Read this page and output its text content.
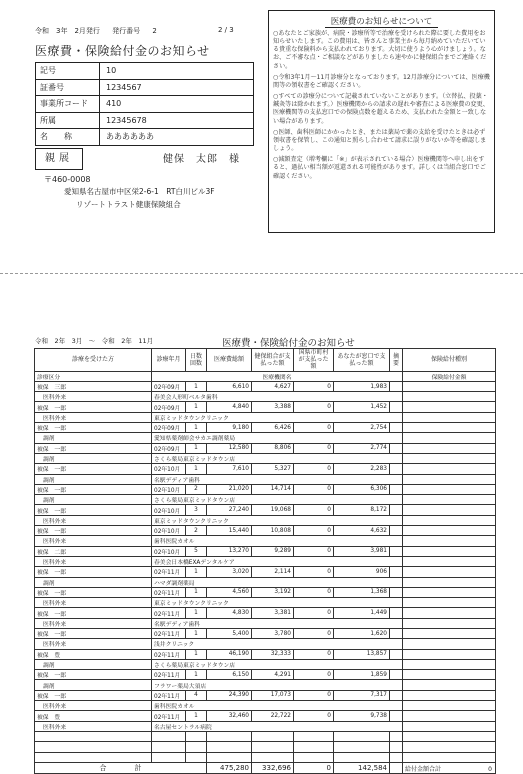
令和　3年　2月発行 発行番号 2	2 / 3
医療費・保険給付金のお知らせ
記号	10
証番号	1234567
事業所コード	410
所属	12345678
名　　称	ああああああ
親展	健保　太郎　様
〒460-0008
愛知県名古屋市中区栄2-6-1　RT白川ビル3F
リゾートトラスト健康保険組合
医療費のお知らせについて

○あなたとご家族が、病院・診療所等で治療を受けられた際に要した費用をお知らせいたします。この費用は、皆さんと事業主から毎月納めていただいている貴重な保険料から支払われております。大切に使うよう心がけましょう。なお、ご不審な点・ご相談などがありましたら速やかに健保組合までご連絡ください。

○令和3年1月～11月診療分となっております。12月診療分については、医療機関等の領収書をご確認ください。

○すべての診療分について記載されていないことがあります。（立替払、投薬・鍼灸等は除かれます。）医療機関からの請求の遅れや審査による医療費の変更、医療機関等の支払窓口での保険点数を超えるため、支払われた金額と一致しない場合があります。

○医師、歯科医師にかかったとき、または薬局で薬の支給を受けたときは必ず領収書を保管し、この通知と照らし合わせて請求に誤りがないか等を確認しましょう。

○減額査定（増考欄に「※」が表示されている場合）医療機関等へ申し出をすると、過払い相当額が返還される可能性があります。詳しくは当組合窓口でご確認ください。

令和　2年　3月　～　令和　2年　11月	医療費・保険給付金のお知らせ
診療を受けた方	診療年月	日数回数	医療費総額	健保組合が支払った額	国県市町村が支払った額	あなたが窓口で支払った額	摘要	保険給付種別
診療区分	医療機関名							保険給付金額
被保　三郎	02年09月	1	6,610	4,627	0	1,983		
医科外来	春美会人形町ベルタ歯科							
被保　一郎	02年09月	1	4,840	3,388	0	1,452		
医科外来	東京ミッドタウンクリニック							
被保　一郎	02年09月	1	9,180	6,426	0	2,754		
調剤	愛知県薬剤師会サカエ調剤薬局							
被保　一郎	02年09月	1	12,580	8,806	0	2,774		
調剤	さくら薬局東京ミッドタウン店							
被保　一郎	02年10月	1	7,610	5,327	0	2,283		
調剤	名駅デディア歯科							
被保　一郎	02年10月	2	21,020	14,714	0	6,306		
調剤	さくら薬局東京ミッドタウン店							
被保　一郎	02年10月	3	27,240	19,068	0	8,172		
医科外来	東京ミッドタウンクリニック							
被保　一郎	02年10月	2	15,440	10,808	0	4,632		
医科外来	歯科医院カオル							
被保　二郎	02年10月	5	13,270	9,289	0	3,981		
医科外来	春美会日本橋EXAデンタルケア							
被保　一郎	02年11月	1	3,020	2,114	0	906		
調剤	ハマダ調剤薬局							
被保　一郎	02年11月	1	4,560	3,192	0	1,368		
医科外来	東京ミッドタウンクリニック							
被保　一郎	02年11月	1	4,830	3,381	0	1,449		
医科外来	名駅デディア歯科							
被保　一郎	02年11月	1	5,400	3,780	0	1,620		
医科外来	浅井クリニック							
被保　豊	02年11月	1	46,190	32,333	0	13,857		
調剤	さくら薬局東京ミッドタウン店							
被保　一郎	02年11月	1	6,150	4,291	0	1,859		
調剤	フラワー薬局大須店							
被保　一郎	02年11月	4	24,390	17,073	0	7,317		
医科外来	歯科医院カオル							
被保　豊	02年11月	1	32,460	22,722	0	9,738		
医科外来	名古屋セントラル病院							

合　　　　計			475,280	332,696	0	142,584		給付金額合計 0
